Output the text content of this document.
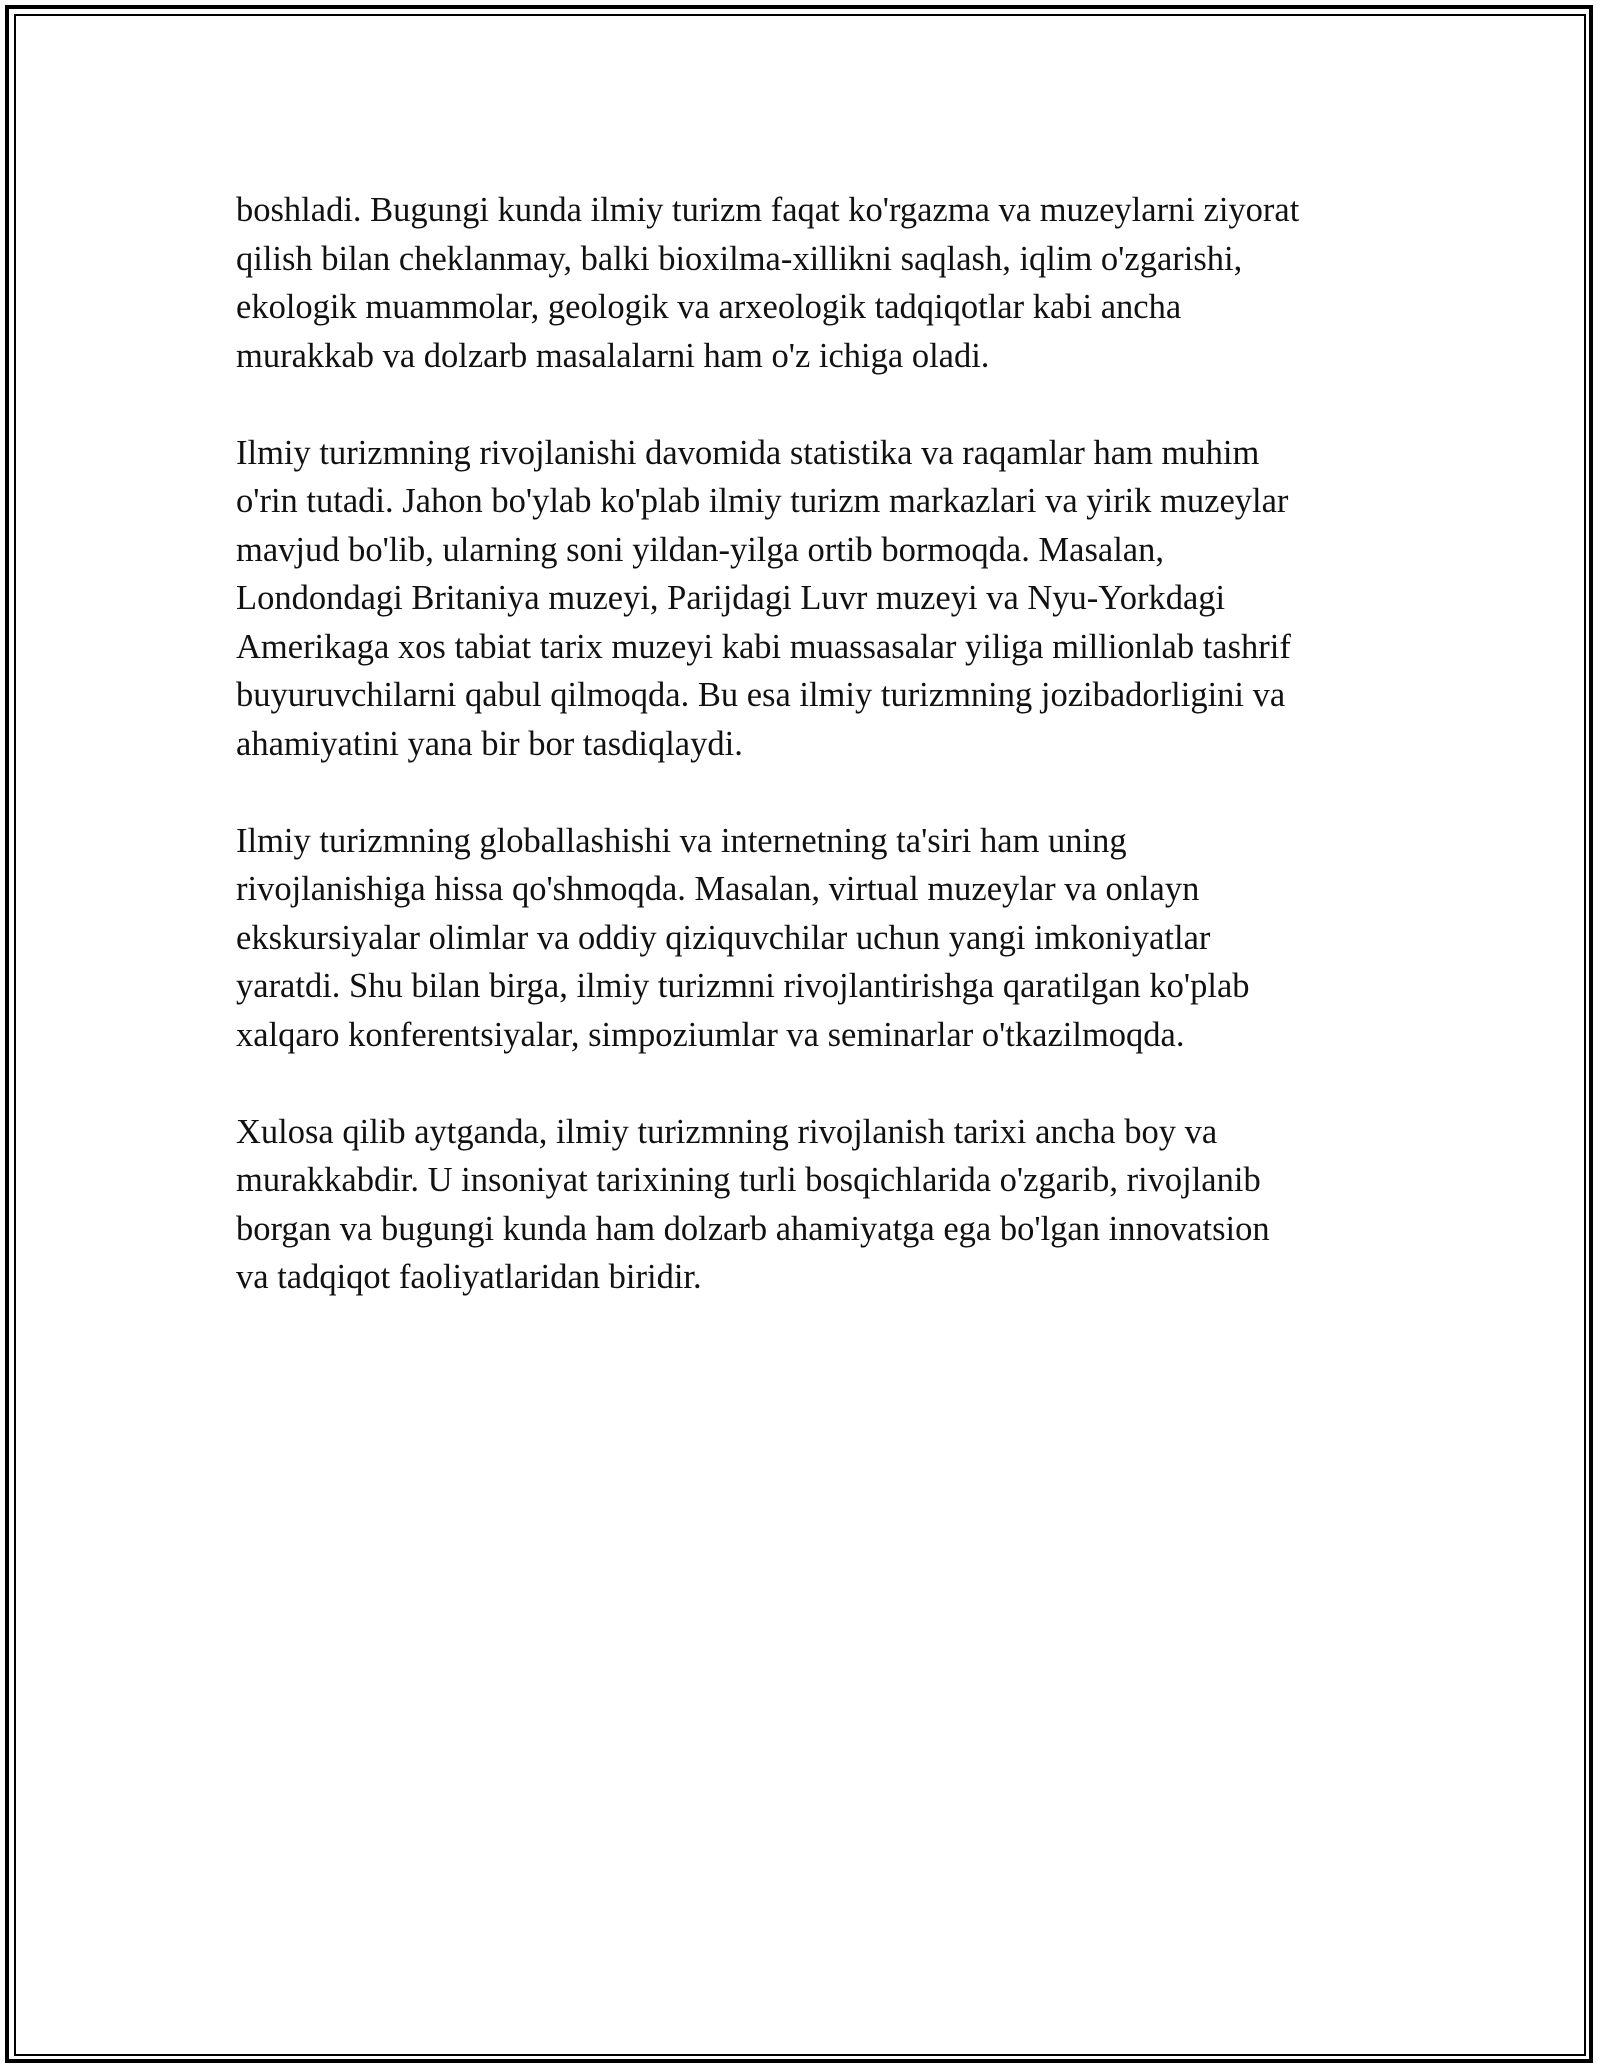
boshladi. Bugungi kunda ilmiy turizm faqat ko'rgazma va muzeylarni ziyorat
qilish bilan cheklanmay, balki bioxilma-xillikni saqlash, iqlim o'zgarishi,
ekologik muammolar, geologik va arxeologik tadqiqotlar kabi ancha
murakkab va dolzarb masalalarni ham o'z ichiga oladi.

Ilmiy turizmning rivojlanishi davomida statistika va raqamlar ham muhim
o'rin tutadi. Jahon bo'ylab ko'plab ilmiy turizm markazlari va yirik muzeylar
mavjud bo'lib, ularning soni yildan-yilga ortib bormoqda. Masalan,
Londondagi Britaniya muzeyi, Parijdagi Luvr muzeyi va Nyu-Yorkdagi
Amerikaga xos tabiat tarix muzeyi kabi muassasalar yiliga millionlab tashrif
buyuruvchilarni qabul qilmoqda. Bu esa ilmiy turizmning jozibadorligini va
ahamiyatini yana bir bor tasdiqlaydi.

Ilmiy turizmning globallashishi va internetning ta'siri ham uning
rivojlanishiga hissa qo'shmoqda. Masalan, virtual muzeylar va onlayn
ekskursiyalar olimlar va oddiy qiziquvchilar uchun yangi imkoniyatlar
yaratdi. Shu bilan birga, ilmiy turizmni rivojlantirishga qaratilgan ko'plab
xalqaro konferentsiyalar, simpoziumlar va seminarlar o'tkazilmoqda.

Xulosa qilib aytganda, ilmiy turizmning rivojlanish tarixi ancha boy va
murakkabdir. U insoniyat tarixining turli bosqichlarida o'zgarib, rivojlanib
borgan va bugungi kunda ham dolzarb ahamiyatga ega bo'lgan innovatsion
va tadqiqot faoliyatlaridan biridir.
